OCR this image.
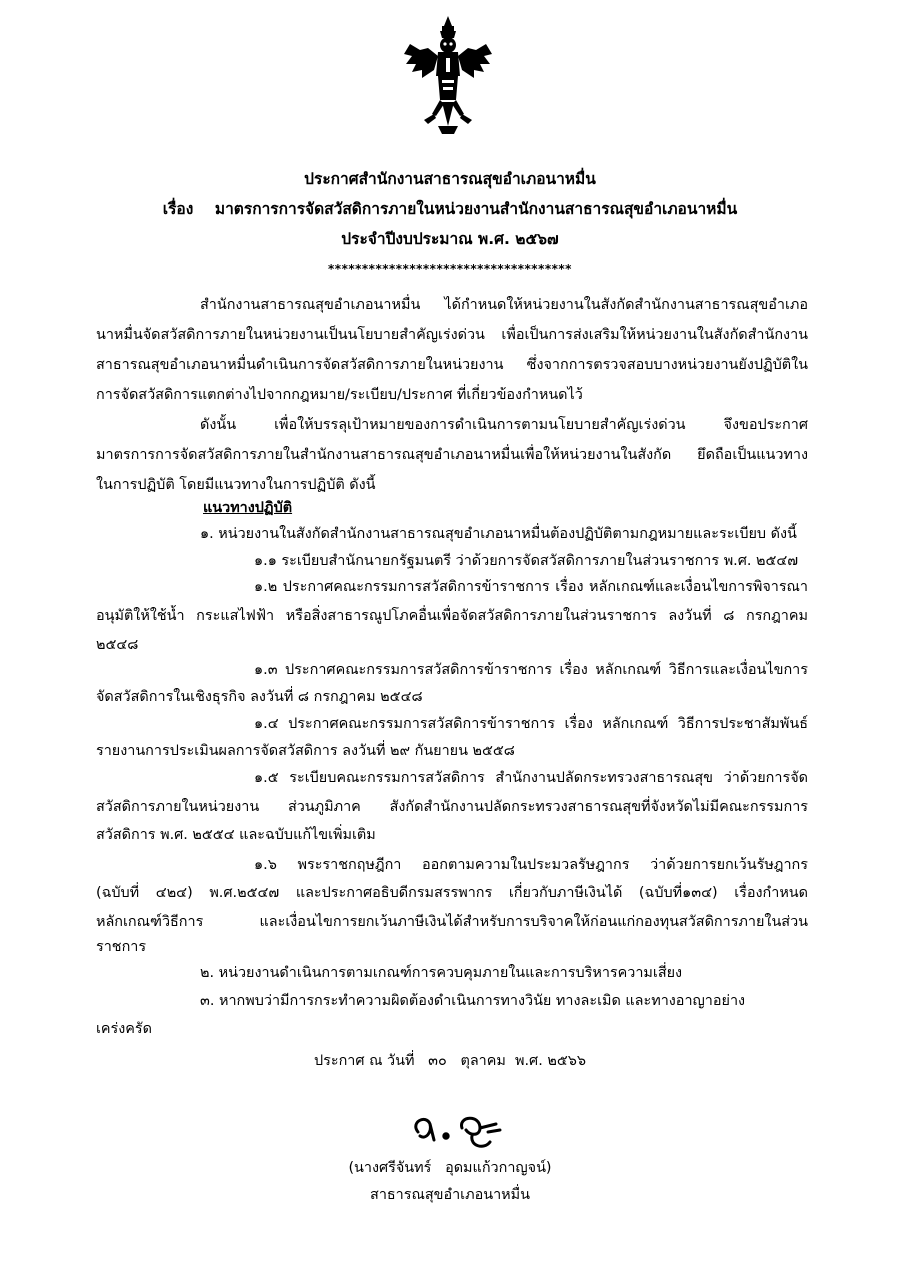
ประกาศสำนักงานสาธารณสุขอำเภอนาหมื่น
เรื่อง    มาตรการการจัดสวัสดิการภายในหน่วยงานสำนักงานสาธารณสุขอำเภอนาหมื่น
ประจำปีงบประมาณ พ.ศ. ๒๕๖๗
************************************
สำนักงานสาธารณสุขอำเภอนาหมื่น ได้กำหนดให้หน่วยงานในสังกัดสำนักงานสาธารณสุขอำเภอ
นาหมื่นจัดสวัสดิการภายในหน่วยงานเป็นนโยบายสำคัญเร่งด่วน เพื่อเป็นการส่งเสริมให้หน่วยงานในสังกัดสำนักงาน
สาธารณสุขอำเภอนาหมื่นดำเนินการจัดสวัสดิการภายในหน่วยงาน ซึ่งจากการตรวจสอบบางหน่วยงานยังปฏิบัติใน
การจัดสวัสดิการแตกต่างไปจากกฎหมาย/ระเบียบ/ประกาศ ที่เกี่ยวข้องกำหนดไว้
ดังนั้น เพื่อให้บรรลุเป้าหมายของการดำเนินการตามนโยบายสำคัญเร่งด่วน จึงขอประกาศ
มาตรการการจัดสวัสดิการภายในสำนักงานสาธารณสุขอำเภอนาหมื่นเพื่อให้หน่วยงานในสังกัด ยึดถือเป็นแนวทาง
ในการปฏิบัติ โดยมีแนวทางในการปฏิบัติ ดังนี้
แนวทางปฏิบัติ
๑. หน่วยงานในสังกัดสำนักงานสาธารณสุขอำเภอนาหมื่นต้องปฏิบัติตามกฎหมายและระเบียบ ดังนี้
๑.๑ ระเบียบสำนักนายกรัฐมนตรี ว่าด้วยการจัดสวัสดิการภายในส่วนราชการ พ.ศ. ๒๕๔๗
๑.๒ ประกาศคณะกรรมการสวัสดิการข้าราชการ เรื่อง หลักเกณฑ์และเงื่อนไขการพิจารณา
อนุมัติให้ใช้น้ำ กระแสไฟฟ้า หรือสิ่งสาธารณูปโภคอื่นเพื่อจัดสวัสดิการภายในส่วนราชการ ลงวันที่ ๘ กรกฎาคม
๒๕๔๘
๑.๓ ประกาศคณะกรรมการสวัสดิการข้าราชการ เรื่อง หลักเกณฑ์ วิธีการและเงื่อนไขการ
จัดสวัสดิการในเชิงธุรกิจ ลงวันที่ ๘ กรกฎาคม ๒๕๔๘
๑.๔ ประกาศคณะกรรมการสวัสดิการข้าราชการ เรื่อง หลักเกณฑ์ วิธีการประชาสัมพันธ์
รายงานการประเมินผลการจัดสวัสดิการ ลงวันที่ ๒๙ กันยายน ๒๕๕๘
๑.๕ ระเบียบคณะกรรมการสวัสดิการ สำนักงานปลัดกระทรวงสาธารณสุข ว่าด้วยการจัด
สวัสดิการภายในหน่วยงาน ส่วนภูมิภาค สังกัดสำนักงานปลัดกระทรวงสาธารณสุขที่จังหวัดไม่มีคณะกรรมการ
สวัสดิการ พ.ศ. ๒๕๕๔ และฉบับแก้ไขเพิ่มเติม
๑.๖ พระราชกฤษฎีกา ออกตามความในประมวลรัษฎากร ว่าด้วยการยกเว้นรัษฎากร
(ฉบับที่ ๔๒๔) พ.ศ.๒๕๔๗ และประกาศอธิบดีกรมสรรพากร เกี่ยวกับภาษีเงินได้ (ฉบับที่๑๓๔) เรื่องกำหนด
หลักเกณฑ์วิธีการ และเงื่อนไขการยกเว้นภาษีเงินได้สำหรับการบริจาคให้ก่อนแก่กองทุนสวัสดิการภายในส่วน
ราชการ
๒. หน่วยงานดำเนินการตามเกณฑ์การควบคุมภายในและการบริหารความเสี่ยง
๓. หากพบว่ามีการกระทำความผิดต้องดำเนินการทางวินัย ทางละเมิด และทางอาญาอย่าง
เคร่งครัด
ประกาศ ณ วันที่   ๓๐   ตุลาคม  พ.ศ. ๒๕๖๖
(นางศรีจันทร์   อุดมแก้วกาญจน์)
สาธารณสุขอำเภอนาหมื่น
